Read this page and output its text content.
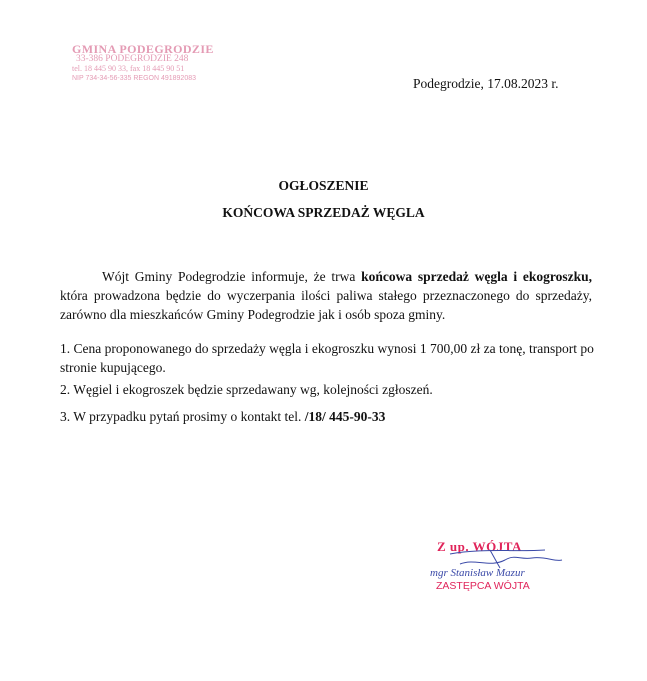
GMINA PODEGRODZIE
33-386 PODEGRODZIE 248
tel. 18 445 90 33, fax 18 445 90 51
NIP 734-34-56-335 REGON 491892083	Podegrodzie, 17.08.2023 r.
OGŁOSZENIE
KOŃCOWA SPRZEDAŻ WĘGLA
Wójt Gminy Podegrodzie informuje, że trwa końcowa sprzedaż węgla i ekogroszku, która prowadzona będzie do wyczerpania ilości paliwa stałego przeznaczonego do sprzedaży, zarówno dla mieszkańców Gminy Podegrodzie jak i osób spoza gminy.
1. Cena proponowanego do sprzedaży węgla i ekogroszku wynosi 1 700,00 zł za tonę, transport po stronie kupującego.
2. Węgiel i ekogroszek będzie sprzedawany wg, kolejności zgłoszeń.
3. W przypadku pytań prosimy o kontakt tel. /18/ 445-90-33
Z up. WÓJTA
mgr Stanisław Mazur
ZASTĘPCA WÓJTA
